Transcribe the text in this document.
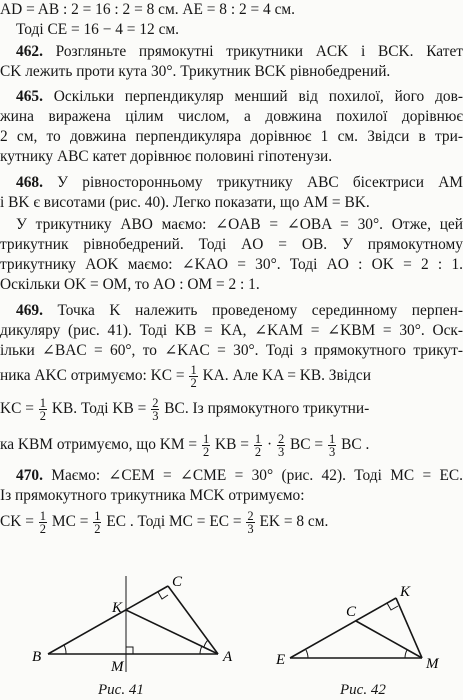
AD = AB : 2 = 16 : 2 = 8 см. AE = 8 : 2 = 4 см.
Тоді CE = 16 − 4 = 12 см.
462. Розгляньте прямокутні трикутники ACK і BCK. Катет
CK лежить проти кута 30°. Трикутник BCK рівнобедрений.
465. Оскільки перпендикуляр менший від похилої, його дов-
жина виражена цілим числом, а довжина похилої дорівнює
2 см, то довжина перпендикуляра дорівнює 1 см. Звідси в три-
кутнику ABC катет дорівнює половині гіпотенузи.
468. У рівносторонньому трикутнику ABC бісектриси AM
і BK є висотами (рис. 40). Легко показати, що AM = BK.
У трикутнику ABO маємо: ∠OAB = ∠OBA = 30°. Отже, цей
трикутник рівнобедрений. Тоді AO = OB. У прямокутному
трикутнику AOK маємо: ∠KAO = 30°. Тоді AO : OK = 2 : 1.
Оскільки OK = OM, то AO : OM = 2 : 1.
469. Точка K належить проведеному серединному перпен-
дикуляру (рис. 41). Тоді KB = KA, ∠KAM = ∠KBM = 30°. Оск-
ільки ∠BAC = 60°, то ∠KAC = 30°. Тоді з прямокутного трикут-
ника AKC отримуємо: KC = $\frac{1}{2}$ KA. Але KA = KB. Звідси
KC = $\frac{1}{2}$ KB. Тоді KB = $\frac{2}{3}$ BC. Із прямокутного трикутни-
ка KBM отримуємо, що KM = $\frac{1}{2}$ KB = $\frac{1}{2} \cdot \frac{2}{3}$ BC = $\frac{1}{3}$ BC .
470. Маємо: ∠CEM = ∠CME = 30° (рис. 42). Тоді MC = EC.
Із прямокутного трикутника MCK отримуємо:
CK = $\frac{1}{2}$ MC = $\frac{1}{2}$ EC . Тоді MC = EC = $\frac{2}{3}$ EK = 8 см.
B	A
C
K
M
Рис. 41
E	M
C
K
Рис. 42
